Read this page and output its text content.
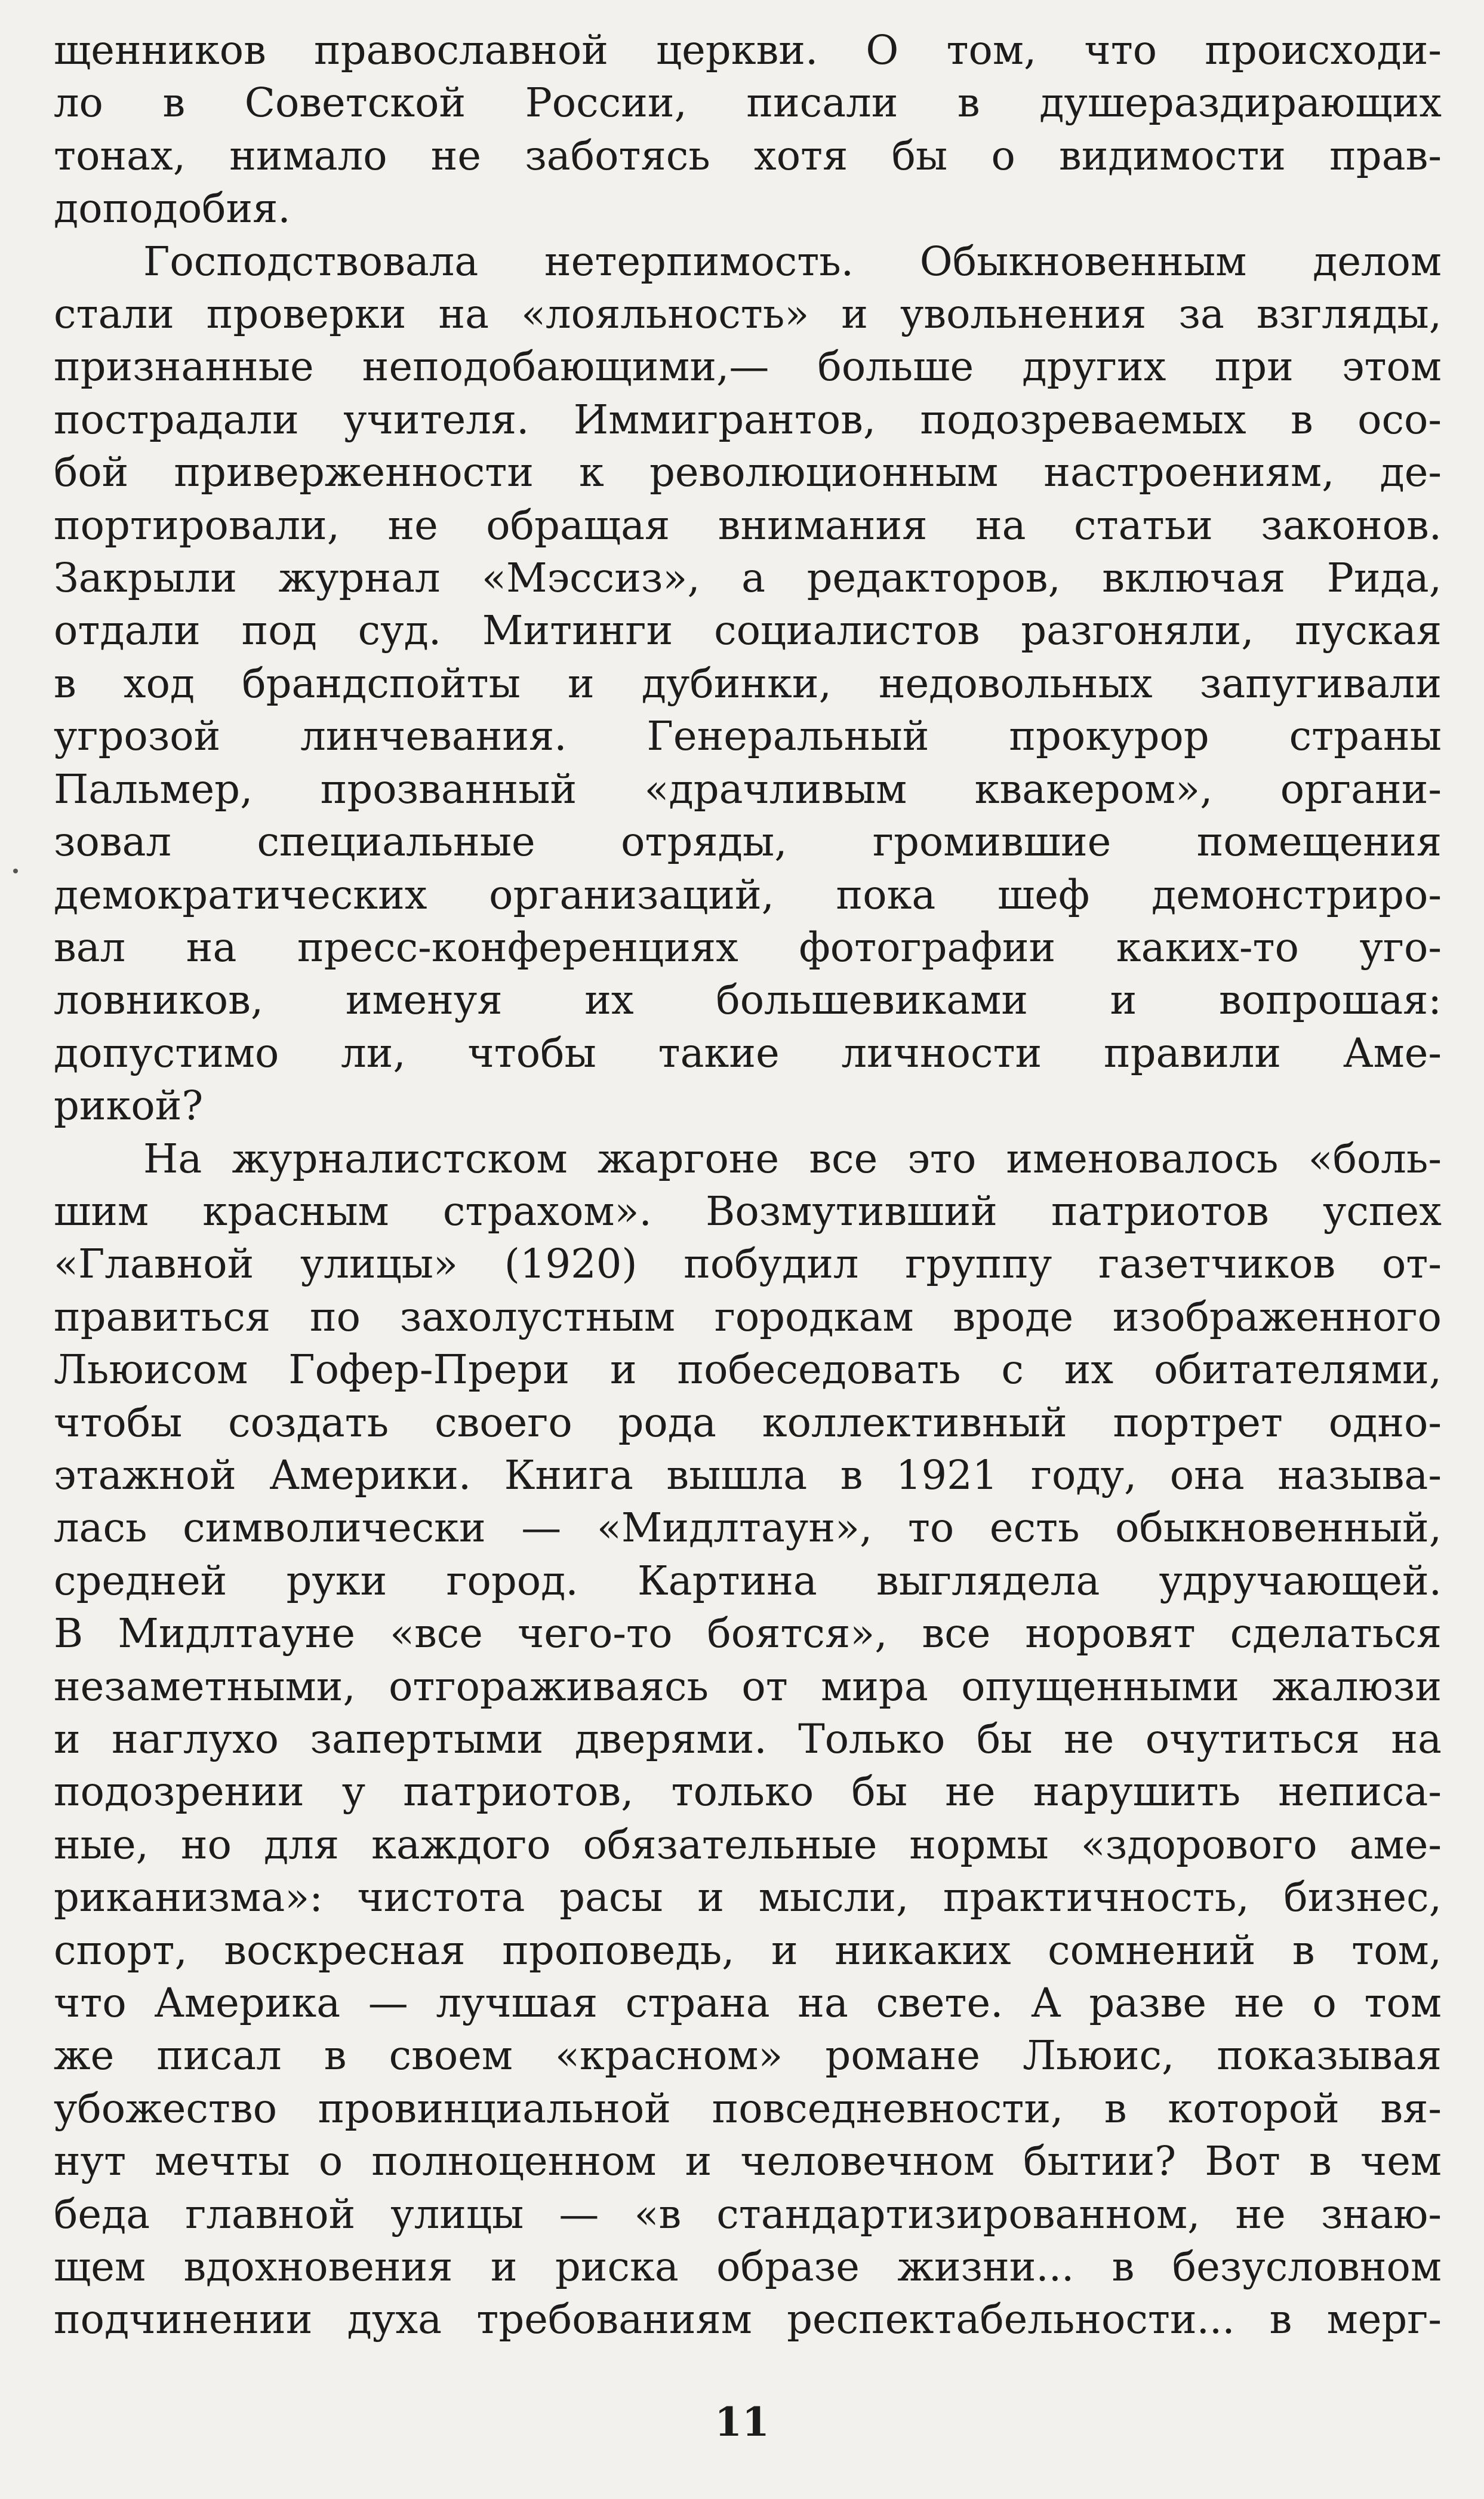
щенников православной церкви. О том, что происходи-
ло в Советской России, писали в душераздирающих
тонах, нимало не заботясь хотя бы о видимости прав-
доподобия.
Господствовала нетерпимость. Обыкновенным делом
стали проверки на «лояльность» и увольнения за взгляды,
признанные неподобающими,— больше других при этом
пострадали учителя. Иммигрантов, подозреваемых в осо-
бой приверженности к революционным настроениям, де-
портировали, не обращая внимания на статьи законов.
Закрыли журнал «Мэссиз», а редакторов, включая Рида,
отдали под суд. Митинги социалистов разгоняли, пуская
в ход брандспойты и дубинки, недовольных запугивали
угрозой линчевания. Генеральный прокурор страны
Пальмер, прозванный «драчливым квакером», органи-
зовал специальные отряды, громившие помещения
демократических организаций, пока шеф демонстриро-
вал на пресс-конференциях фотографии каких-то уго-
ловников, именуя их большевиками и вопрошая:
допустимо ли, чтобы такие личности правили Аме-
рикой?
На журналистском жаргоне все это именовалось «боль-
шим красным страхом». Возмутивший патриотов успех
«Главной улицы» (1920) побудил группу газетчиков от-
правиться по захолустным городкам вроде изображенного
Льюисом Гофер-Прери и побеседовать с их обитателями,
чтобы создать своего рода коллективный портрет одно-
этажной Америки. Книга вышла в 1921 году, она называ-
лась символически — «Мидлтаун», то есть обыкновенный,
средней руки город. Картина выглядела удручающей.
В Мидлтауне «все чего-то боятся», все норовят сделаться
незаметными, отгораживаясь от мира опущенными жалюзи
и наглухо запертыми дверями. Только бы не очутиться на
подозрении у патриотов, только бы не нарушить неписа-
ные, но для каждого обязательные нормы «здорового аме-
риканизма»: чистота расы и мысли, практичность, бизнес,
спорт, воскресная проповедь, и никаких сомнений в том,
что Америка — лучшая страна на свете. А разве не о том
же писал в своем «красном» романе Льюис, показывая
убожество провинциальной повседневности, в которой вя-
нут мечты о полноценном и человечном бытии? Вот в чем
беда главной улицы — «в стандартизированном, не знаю-
щем вдохновения и риска образе жизни... в безусловном
подчинении духа требованиям респектабельности... в мерг-
11
